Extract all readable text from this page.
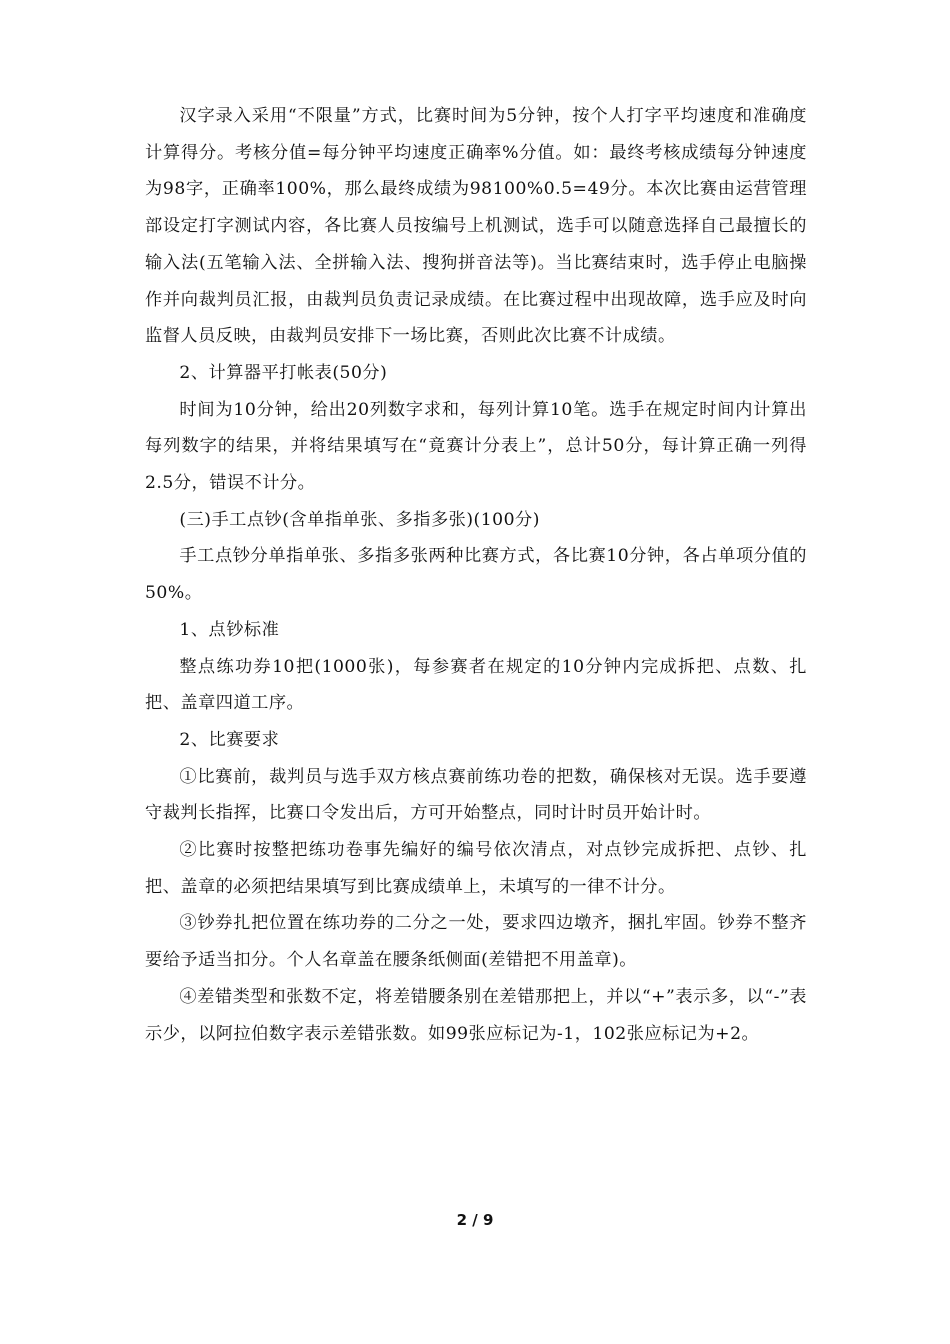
汉字录入采用“不限量”方式，比赛时间为5分钟，按个人打字平均速度和准确度计算得分。考核分值=每分钟平均速度正确率%分值。如：最终考核成绩每分钟速度为98字，正确率100%，那么最终成绩为98100%0.5=49分。本次比赛由运营管理部设定打字测试内容，各比赛人员按编号上机测试，选手可以随意选择自己最擅长的输入法(五笔输入法、全拼输入法、搜狗拼音法等)。当比赛结束时，选手停止电脑操作并向裁判员汇报，由裁判员负责记录成绩。在比赛过程中出现故障，选手应及时向监督人员反映，由裁判员安排下一场比赛，否则此次比赛不计成绩。

2、计算器平打帐表(50分)

时间为10分钟，给出20列数字求和，每列计算10笔。选手在规定时间内计算出每列数字的结果，并将结果填写在“竟赛计分表上”，总计50分，每计算正确一列得2.5分，错误不计分。

(三)手工点钞(含单指单张、多指多张)(100分)

手工点钞分单指单张、多指多张两种比赛方式，各比赛10分钟，各占单项分值的50%。

1、点钞标准

整点练功券10把(1000张)，每参赛者在规定的10分钟内完成拆把、点数、扎把、盖章四道工序。

2、比赛要求

①比赛前，裁判员与选手双方核点赛前练功卷的把数，确保核对无误。选手要遵守裁判长指挥，比赛口令发出后，方可开始整点，同时计时员开始计时。

②比赛时按整把练功卷事先编好的编号依次清点，对点钞完成拆把、点钞、扎把、盖章的必须把结果填写到比赛成绩单上，未填写的一律不计分。

③钞券扎把位置在练功券的二分之一处，要求四边墩齐，捆扎牢固。钞券不整齐要给予适当扣分。个人名章盖在腰条纸侧面(差错把不用盖章)。

④差错类型和张数不定，将差错腰条别在差错那把上，并以“+”表示多，以“-”表示少，以阿拉伯数字表示差错张数。如99张应标记为-1，102张应标记为+2。

2 / 9
